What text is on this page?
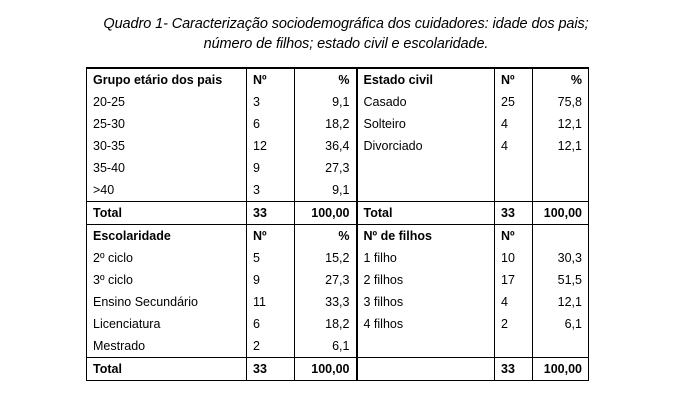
Quadro 1- Caracterização sociodemográfica dos cuidadores: idade dos pais;
número de filhos; estado civil e escolaridade.
Grupo etário dos pais	Nº	%	Estado civil	Nº	%
20-25	3	9,1	Casado	25	75,8
25-30	6	18,2	Solteiro	4	12,1
30-35	12	36,4	Divorciado	4	12,1
35-40	9	27,3			
>40	3	9,1			
Total	33	100,00	Total	33	100,00
Escolaridade	Nº	%	Nº de filhos	Nº	
2º ciclo	5	15,2	1 filho	10	30,3
3º ciclo	9	27,3	2 filhos	17	51,5
Ensino Secundário	11	33,3	3 filhos	4	12,1
Licenciatura	6	18,2	4 filhos	2	6,1
Mestrado	2	6,1			
Total	33	100,00		33	100,00
